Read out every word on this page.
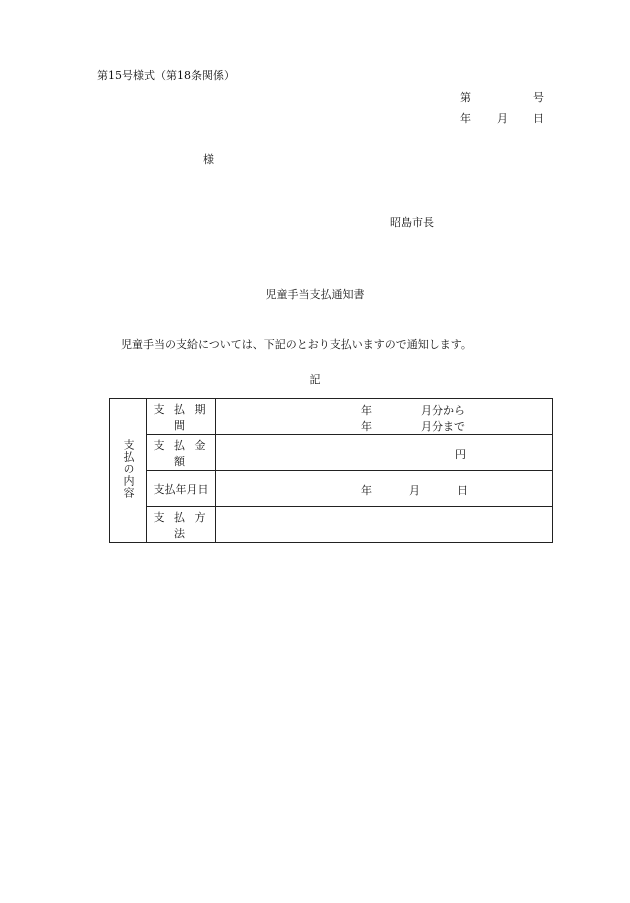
第15号様式（第18条関係）
第	号
年 月 日
様
昭島市長
児童手当支払通知書
児童手当の支給については、下記のとおり支払いますので通知します。
記
支払の内容	支 払 期 間	年 月分から
年 月分まで

	支 払 金 額	円

	支払年月日	年 月 日

	支 払 方 法	
